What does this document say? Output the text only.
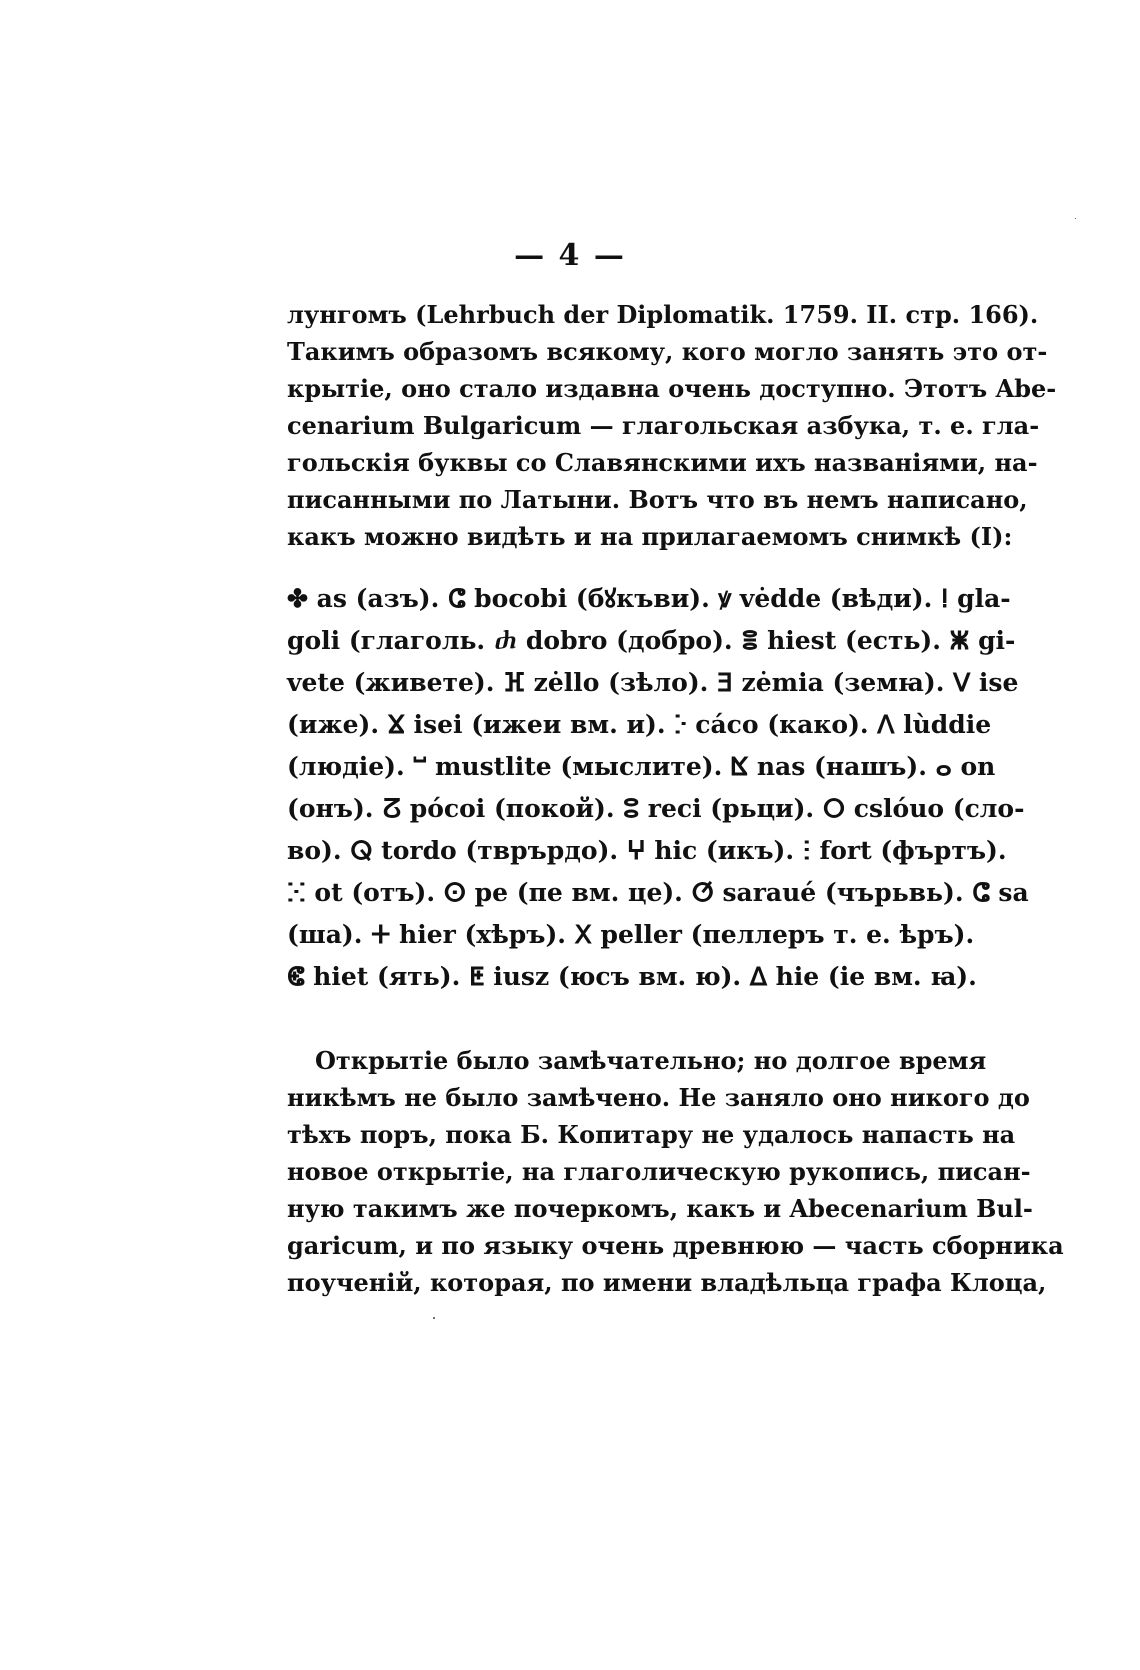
— 4 —
лунгомъ (Lehrbuch der Diplomatik. 1759. II. стр. 166).
Такимъ образомъ всякому, кого могло занять это от-
крытіе, оно стало издавна очень доступно. Этотъ Abe-
cenarium Bulgaricum — глагольская азбука, т. е. гла-
гольскія буквы со Славянскими ихъ названіями, на-
писанными по Латыни. Вотъ что въ немъ написано,
какъ можно видѣть и на прилагаемомъ снимкѣ (I):
✤ as (азъ). ⵛ bocobi (бꙋкъви). ꝟ vėdde (вѣди). ⵑ gla-
goli (глаголь. ⴛ dobro (добро). ⴻ hiest (есть). ⵥ gi-
vete (живете). ⴼ zėllo (зѣло). ⴺ zėmia (земꙗ). ⴸ ise
(иже). ⴴ isei (ижеи вм. и). ⴾ cáco (како). ⴷ lùddie
(людіе). ⵯ mustlite (мыслите). ⴿ nas (нашъ). ⴰ on
(онъ). ⵒ pócoi (покой). ⵓ reci (рьци). ⵔ cslóuo (сло-
во). ⵕ tordo (тврърдо). ⵖ hic (икъ). ⵗ fort (фъртъ).
ⵘ ot (отъ). ⵙ pe (пе вм. це). ⵚ saraué (чърьвь). ⵛ sa
(ша). ⵜ hier (хѣръ). ⵝ peller (пеллеръ т. е. ѣръ).
ⵞ hiet (ять). ⵟ iusz (юсъ вм. ю). ⵠ hie (іе вм. ꙗ).
Открытіе было замѣчательно; но долгое время
никѣмъ не было замѣчено. Не заняло оно никого до
тѣхъ поръ, пока Б. Копитару не удалось напасть на
новое открытіе, на глаголическую рукопись, писан-
ную такимъ же почеркомъ, какъ и Abecenarium Bul-
garicum, и по языку очень древнюю — часть сборника
поученій, которая, по имени владѣльца графа Клоца,
